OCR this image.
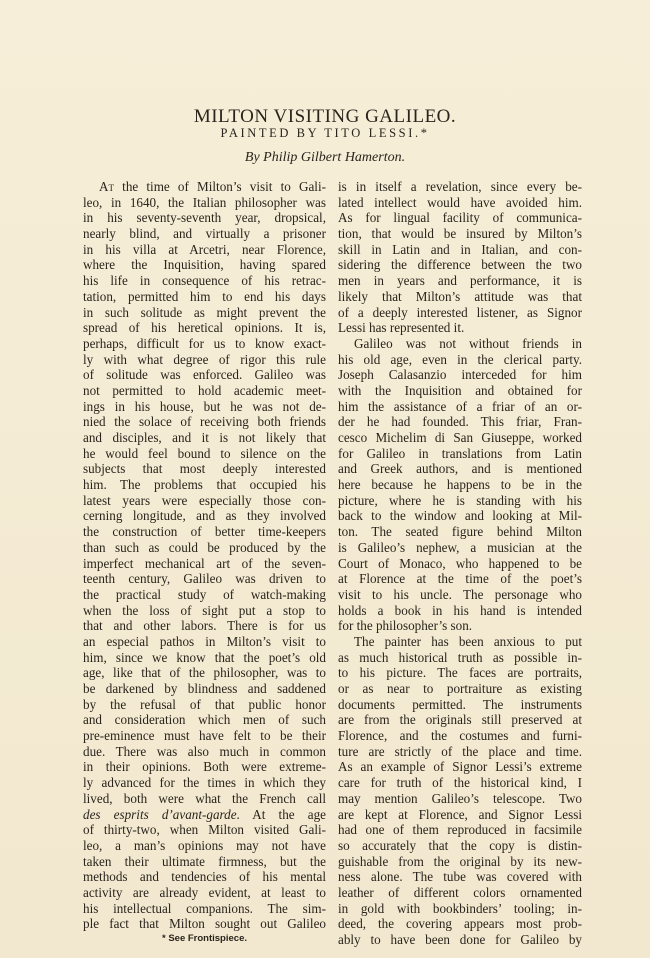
MILTON VISITING GALILEO.
PAINTED BY TITO LESSI.*
By Philip Gilbert Hamerton.
At the time of Milton’s visit to Gali-
leo, in 1640, the Italian philosopher was
in his seventy-seventh year, dropsical,
nearly blind, and virtually a prisoner
in his villa at Arcetri, near Florence,
where the Inquisition, having spared
his life in consequence of his retrac-
tation, permitted him to end his days
in such solitude as might prevent the
spread of his heretical opinions. It is,
perhaps, difficult for us to know exact-
ly with what degree of rigor this rule
of solitude was enforced. Galileo was
not permitted to hold academic meet-
ings in his house, but he was not de-
nied the solace of receiving both friends
and disciples, and it is not likely that
he would feel bound to silence on the
subjects that most deeply interested
him. The problems that occupied his
latest years were especially those con-
cerning longitude, and as they involved
the construction of better time-keepers
than such as could be produced by the
imperfect mechanical art of the seven-
teenth century, Galileo was driven to
the practical study of watch-making
when the loss of sight put a stop to
that and other labors. There is for us
an especial pathos in Milton’s visit to
him, since we know that the poet’s old
age, like that of the philosopher, was to
be darkened by blindness and saddened
by the refusal of that public honor
and consideration which men of such
pre-eminence must have felt to be their
due. There was also much in common
in their opinions. Both were extreme-
ly advanced for the times in which they
lived, both were what the French call
des esprits d’avant-garde. At the age
of thirty-two, when Milton visited Gali-
leo, a man’s opinions may not have
taken their ultimate firmness, but the
methods and tendencies of his mental
activity are already evident, at least to
his intellectual companions. The sim-
ple fact that Milton sought out Galileo
* See Frontispiece.
is in itself a revelation, since every be-
lated intellect would have avoided him.
As for lingual facility of communica-
tion, that would be insured by Milton’s
skill in Latin and in Italian, and con-
sidering the difference between the two
men in years and performance, it is
likely that Milton’s attitude was that
of a deeply interested listener, as Signor
Lessi has represented it.
Galileo was not without friends in
his old age, even in the clerical party.
Joseph Calasanzio interceded for him
with the Inquisition and obtained for
him the assistance of a friar of an or-
der he had founded. This friar, Fran-
cesco Michelim di San Giuseppe, worked
for Galileo in translations from Latin
and Greek authors, and is mentioned
here because he happens to be in the
picture, where he is standing with his
back to the window and looking at Mil-
ton. The seated figure behind Milton
is Galileo’s nephew, a musician at the
Court of Monaco, who happened to be
at Florence at the time of the poet’s
visit to his uncle. The personage who
holds a book in his hand is intended
for the philosopher’s son.
The painter has been anxious to put
as much historical truth as possible in-
to his picture. The faces are portraits,
or as near to portraiture as existing
documents permitted. The instruments
are from the originals still preserved at
Florence, and the costumes and furni-
ture are strictly of the place and time.
As an example of Signor Lessi’s extreme
care for truth of the historical kind, I
may mention Galileo’s telescope. Two
are kept at Florence, and Signor Lessi
had one of them reproduced in facsimile
so accurately that the copy is distin-
guishable from the original by its new-
ness alone. The tube was covered with
leather of different colors ornamented
in gold with bookbinders’ tooling; in-
deed, the covering appears most prob-
ably to have been done for Galileo by
